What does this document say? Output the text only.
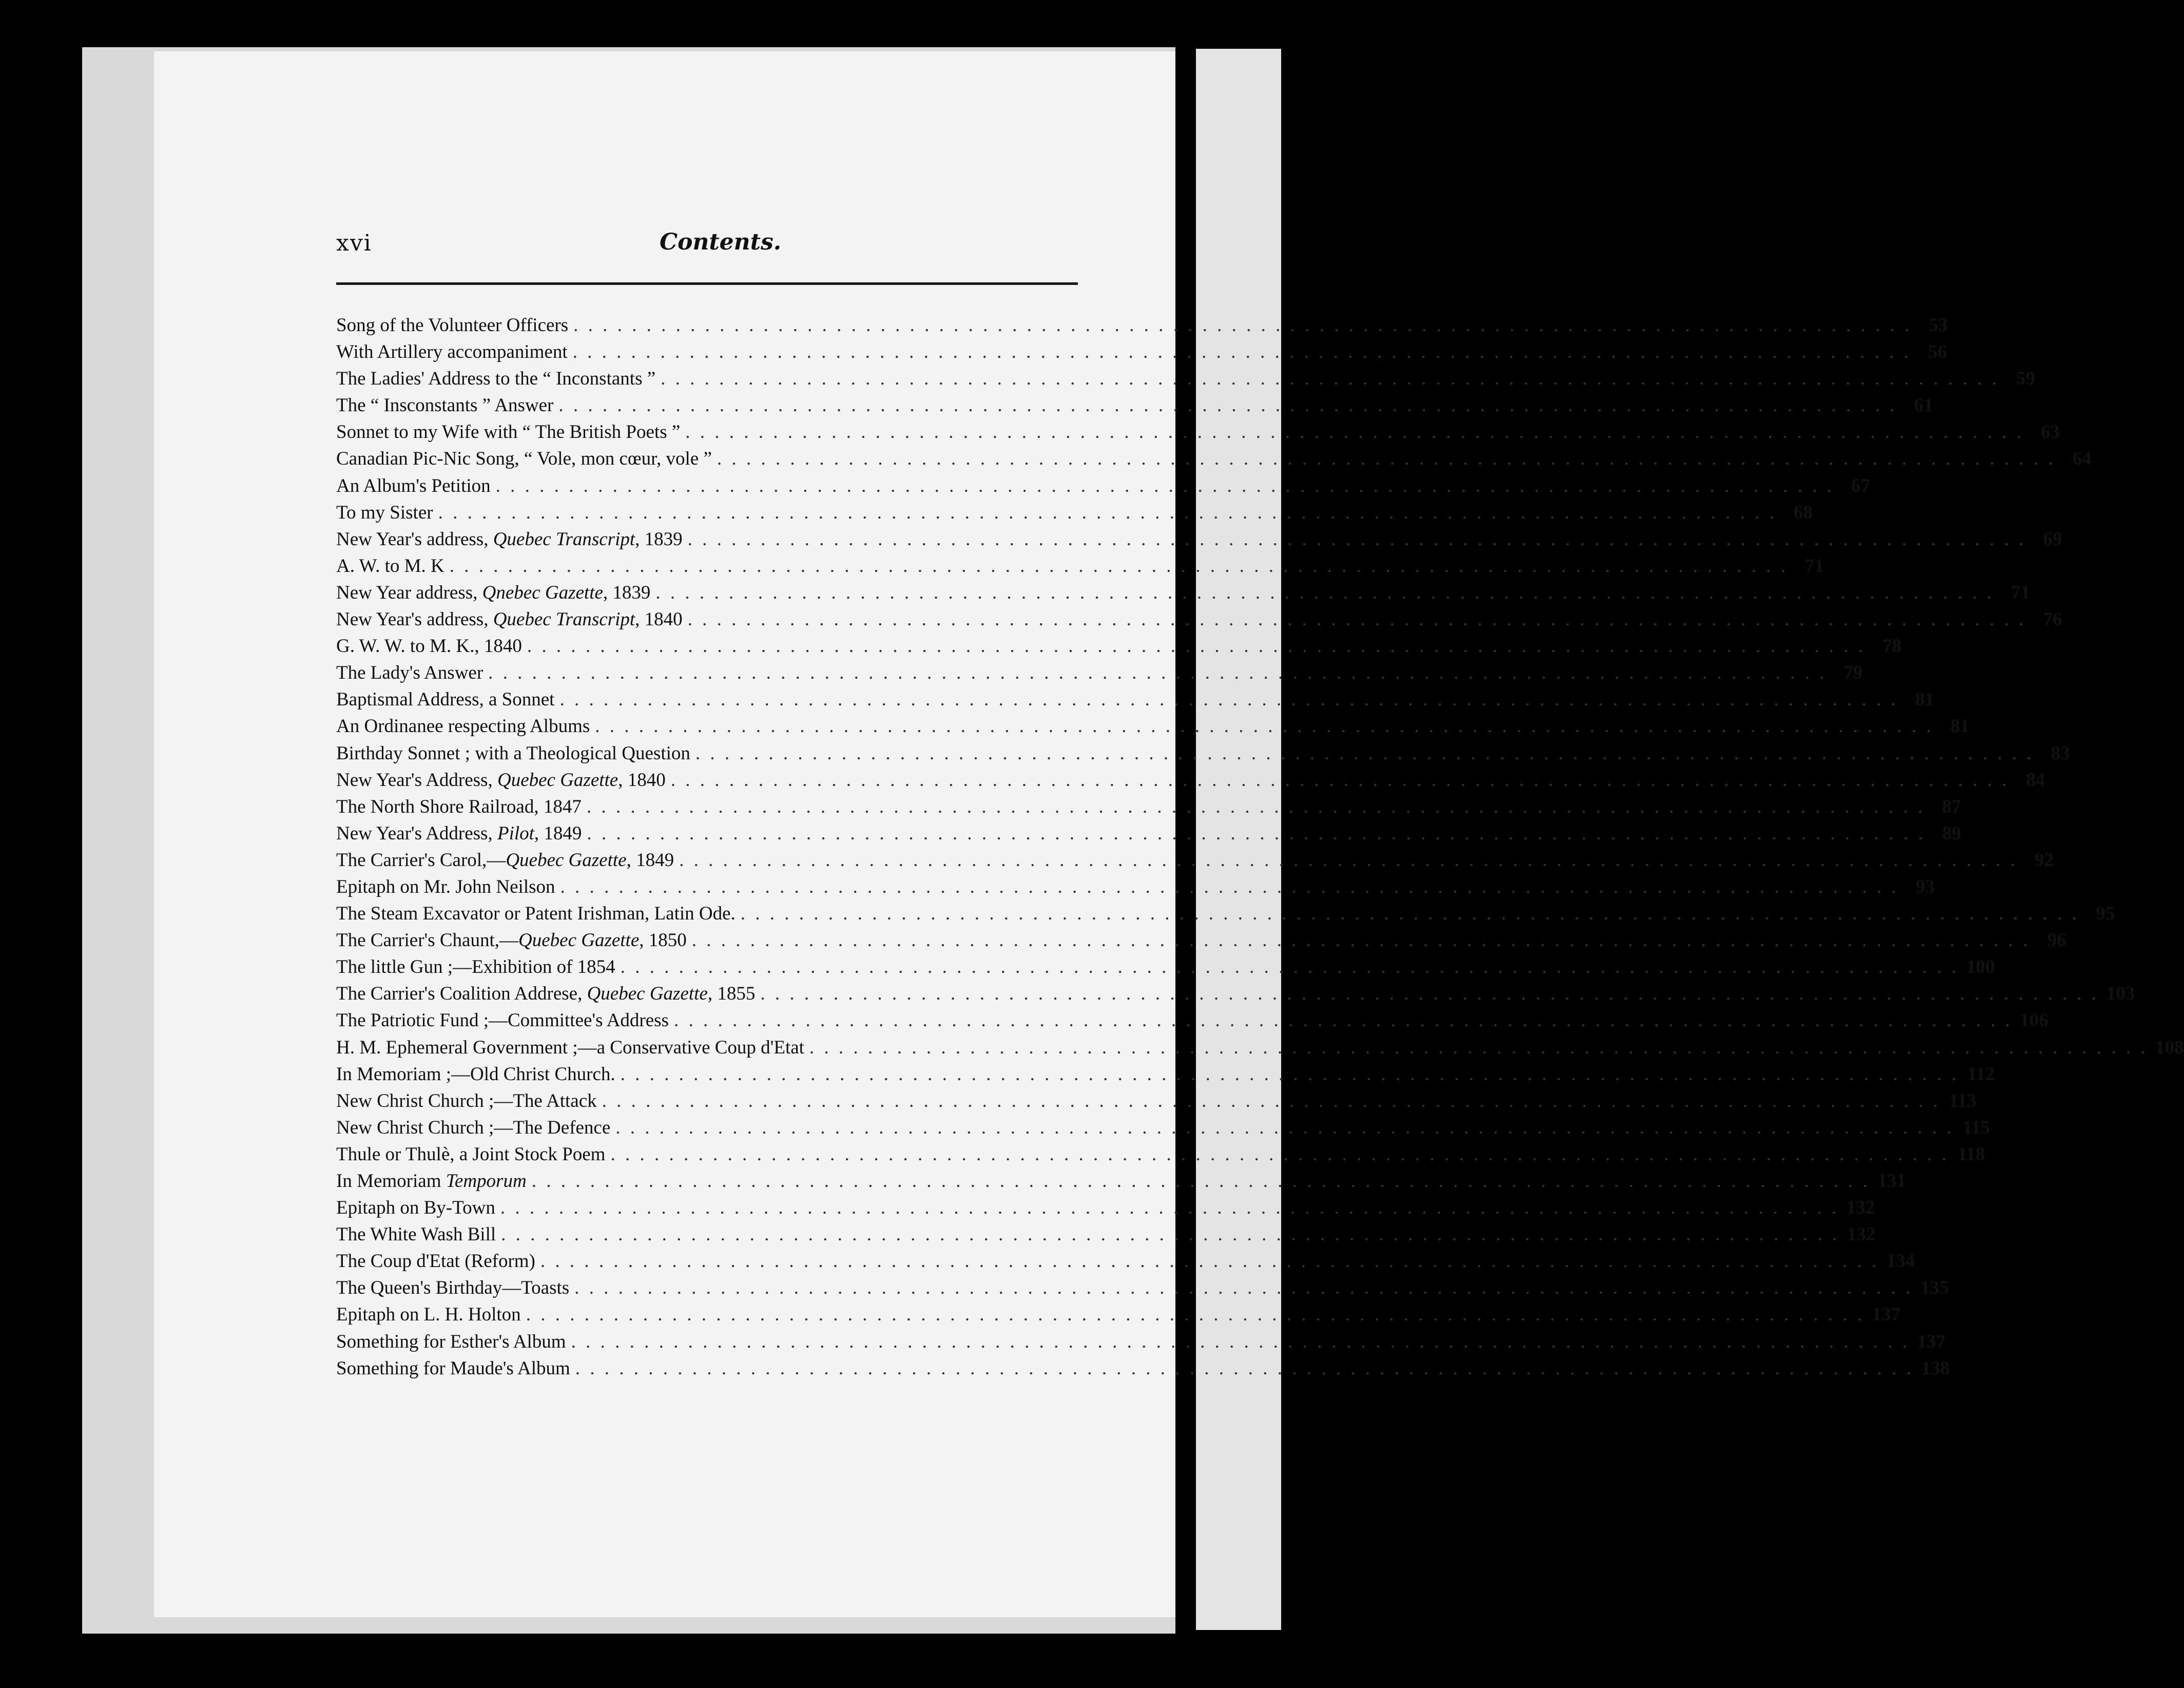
xvi	Contents.
Song of the Volunteer Officers . . . . . . . . . . . . . . . . . . . . . . . . . . . . . . . . . . . . . . . . . . . . . . . . . . . . . . . . . . . . . . . . . . . . . . . . . . . . . . . . . . . . . . . . . . . . 53
With Artillery accompaniment . . . . . . . . . . . . . . . . . . . . . . . . . . . . . . . . . . . . . . . . . . . . . . . . . . . . . . . . . . . . . . . . . . . . . . . . . . . . . . . . . . . . . . . . . . . . 56
The Ladies' Address to the “ Inconstants ” . . . . . . . . . . . . . . . . . . . . . . . . . . . . . . . . . . . . . . . . . . . . . . . . . . . . . . . . . . . . . . . . . . . . . . . . . . . . . . . . . . . . . . . . . . . . 59
The “ Insconstants ” Answer . . . . . . . . . . . . . . . . . . . . . . . . . . . . . . . . . . . . . . . . . . . . . . . . . . . . . . . . . . . . . . . . . . . . . . . . . . . . . . . . . . . . . . . . . . . . 61
Sonnet to my Wife with “ The British Poets ” . . . . . . . . . . . . . . . . . . . . . . . . . . . . . . . . . . . . . . . . . . . . . . . . . . . . . . . . . . . . . . . . . . . . . . . . . . . . . . . . . . . . . . . . . . . . 63
Canadian Pic-Nic Song, “ Vole, mon cœur, vole ” . . . . . . . . . . . . . . . . . . . . . . . . . . . . . . . . . . . . . . . . . . . . . . . . . . . . . . . . . . . . . . . . . . . . . . . . . . . . . . . . . . . . . . . . . . . . 64
An Album's Petition . . . . . . . . . . . . . . . . . . . . . . . . . . . . . . . . . . . . . . . . . . . . . . . . . . . . . . . . . . . . . . . . . . . . . . . . . . . . . . . . . . . . . . . . . . . . 67
To my Sister . . . . . . . . . . . . . . . . . . . . . . . . . . . . . . . . . . . . . . . . . . . . . . . . . . . . . . . . . . . . . . . . . . . . . . . . . . . . . . . . . . . . . . . . . . . . 68
New Year's address, Quebec Transcript, 1839 . . . . . . . . . . . . . . . . . . . . . . . . . . . . . . . . . . . . . . . . . . . . . . . . . . . . . . . . . . . . . . . . . . . . . . . . . . . . . . . . . . . . . . . . . . . . 69
A. W. to M. K . . . . . . . . . . . . . . . . . . . . . . . . . . . . . . . . . . . . . . . . . . . . . . . . . . . . . . . . . . . . . . . . . . . . . . . . . . . . . . . . . . . . . . . . . . . . 71
New Year address, Qnebec Gazette, 1839 . . . . . . . . . . . . . . . . . . . . . . . . . . . . . . . . . . . . . . . . . . . . . . . . . . . . . . . . . . . . . . . . . . . . . . . . . . . . . . . . . . . . . . . . . . . . 71
New Year's address, Quebec Transcript, 1840 . . . . . . . . . . . . . . . . . . . . . . . . . . . . . . . . . . . . . . . . . . . . . . . . . . . . . . . . . . . . . . . . . . . . . . . . . . . . . . . . . . . . . . . . . . . . 76
G. W. W. to M. K., 1840 . . . . . . . . . . . . . . . . . . . . . . . . . . . . . . . . . . . . . . . . . . . . . . . . . . . . . . . . . . . . . . . . . . . . . . . . . . . . . . . . . . . . . . . . . . . . 78
The Lady's Answer . . . . . . . . . . . . . . . . . . . . . . . . . . . . . . . . . . . . . . . . . . . . . . . . . . . . . . . . . . . . . . . . . . . . . . . . . . . . . . . . . . . . . . . . . . . . 79
Baptismal Address, a Sonnet . . . . . . . . . . . . . . . . . . . . . . . . . . . . . . . . . . . . . . . . . . . . . . . . . . . . . . . . . . . . . . . . . . . . . . . . . . . . . . . . . . . . . . . . . . . . 81
An Ordinanee respecting Albums . . . . . . . . . . . . . . . . . . . . . . . . . . . . . . . . . . . . . . . . . . . . . . . . . . . . . . . . . . . . . . . . . . . . . . . . . . . . . . . . . . . . . . . . . . . . 81
Birthday Sonnet ; with a Theological Question . . . . . . . . . . . . . . . . . . . . . . . . . . . . . . . . . . . . . . . . . . . . . . . . . . . . . . . . . . . . . . . . . . . . . . . . . . . . . . . . . . . . . . . . . . . . 83
New Year's Address, Quebec Gazette, 1840 . . . . . . . . . . . . . . . . . . . . . . . . . . . . . . . . . . . . . . . . . . . . . . . . . . . . . . . . . . . . . . . . . . . . . . . . . . . . . . . . . . . . . . . . . . . . 84
The North Shore Railroad, 1847 . . . . . . . . . . . . . . . . . . . . . . . . . . . . . . . . . . . . . . . . . . . . . . . . . . . . . . . . . . . . . . . . . . . . . . . . . . . . . . . . . . . . . . . . . . . . 87
New Year's Address, Pilot, 1849 . . . . . . . . . . . . . . . . . . . . . . . . . . . . . . . . . . . . . . . . . . . . . . . . . . . . . . . . . . . . . . . . . . . . . . . . . . . . . . . . . . . . . . . . . . . . 89
The Carrier's Carol,—Quebec Gazette, 1849 . . . . . . . . . . . . . . . . . . . . . . . . . . . . . . . . . . . . . . . . . . . . . . . . . . . . . . . . . . . . . . . . . . . . . . . . . . . . . . . . . . . . . . . . . . . . 92
Epitaph on Mr. John Neilson . . . . . . . . . . . . . . . . . . . . . . . . . . . . . . . . . . . . . . . . . . . . . . . . . . . . . . . . . . . . . . . . . . . . . . . . . . . . . . . . . . . . . . . . . . . . 93
The Steam Excavator or Patent Irishman, Latin Ode. . . . . . . . . . . . . . . . . . . . . . . . . . . . . . . . . . . . . . . . . . . . . . . . . . . . . . . . . . . . . . . . . . . . . . . . . . . . . . . . . . . . . . . . . . . . . 95
The Carrier's Chaunt,—Quebec Gazette, 1850 . . . . . . . . . . . . . . . . . . . . . . . . . . . . . . . . . . . . . . . . . . . . . . . . . . . . . . . . . . . . . . . . . . . . . . . . . . . . . . . . . . . . . . . . . . . . 96
The little Gun ;—Exhibition of 1854 . . . . . . . . . . . . . . . . . . . . . . . . . . . . . . . . . . . . . . . . . . . . . . . . . . . . . . . . . . . . . . . . . . . . . . . . . . . . . . . . . . . . . . . . . . . . 100
The Carrier's Coalition Addrese, Quebec Gazette, 1855 . . . . . . . . . . . . . . . . . . . . . . . . . . . . . . . . . . . . . . . . . . . . . . . . . . . . . . . . . . . . . . . . . . . . . . . . . . . . . . . . . . . . . . . . . . . . 103
The Patriotic Fund ;—Committee's Address . . . . . . . . . . . . . . . . . . . . . . . . . . . . . . . . . . . . . . . . . . . . . . . . . . . . . . . . . . . . . . . . . . . . . . . . . . . . . . . . . . . . . . . . . . . . 106
H. M. Ephemeral Government ;—a Conservative Coup d'Etat . . . . . . . . . . . . . . . . . . . . . . . . . . . . . . . . . . . . . . . . . . . . . . . . . . . . . . . . . . . . . . . . . . . . . . . . . . . . . . . . . . . . . . . . . . . . 108
In Memoriam ;—Old Christ Church. . . . . . . . . . . . . . . . . . . . . . . . . . . . . . . . . . . . . . . . . . . . . . . . . . . . . . . . . . . . . . . . . . . . . . . . . . . . . . . . . . . . . . . . . . . . . 112
New Christ Church ;—The Attack . . . . . . . . . . . . . . . . . . . . . . . . . . . . . . . . . . . . . . . . . . . . . . . . . . . . . . . . . . . . . . . . . . . . . . . . . . . . . . . . . . . . . . . . . . . . 113
New Christ Church ;—The Defence . . . . . . . . . . . . . . . . . . . . . . . . . . . . . . . . . . . . . . . . . . . . . . . . . . . . . . . . . . . . . . . . . . . . . . . . . . . . . . . . . . . . . . . . . . . . 115
Thule or Thulè, a Joint Stock Poem . . . . . . . . . . . . . . . . . . . . . . . . . . . . . . . . . . . . . . . . . . . . . . . . . . . . . . . . . . . . . . . . . . . . . . . . . . . . . . . . . . . . . . . . . . . . 118
In Memoriam Temporum . . . . . . . . . . . . . . . . . . . . . . . . . . . . . . . . . . . . . . . . . . . . . . . . . . . . . . . . . . . . . . . . . . . . . . . . . . . . . . . . . . . . . . . . . . . . 131
Epitaph on By-Town . . . . . . . . . . . . . . . . . . . . . . . . . . . . . . . . . . . . . . . . . . . . . . . . . . . . . . . . . . . . . . . . . . . . . . . . . . . . . . . . . . . . . . . . . . . . 132
The White Wash Bill . . . . . . . . . . . . . . . . . . . . . . . . . . . . . . . . . . . . . . . . . . . . . . . . . . . . . . . . . . . . . . . . . . . . . . . . . . . . . . . . . . . . . . . . . . . . 132
The Coup d'Etat (Reform) . . . . . . . . . . . . . . . . . . . . . . . . . . . . . . . . . . . . . . . . . . . . . . . . . . . . . . . . . . . . . . . . . . . . . . . . . . . . . . . . . . . . . . . . . . . . 134
The Queen's Birthday—Toasts . . . . . . . . . . . . . . . . . . . . . . . . . . . . . . . . . . . . . . . . . . . . . . . . . . . . . . . . . . . . . . . . . . . . . . . . . . . . . . . . . . . . . . . . . . . . 135
Epitaph on L. H. Holton . . . . . . . . . . . . . . . . . . . . . . . . . . . . . . . . . . . . . . . . . . . . . . . . . . . . . . . . . . . . . . . . . . . . . . . . . . . . . . . . . . . . . . . . . . . . 137
Something for Esther's Album . . . . . . . . . . . . . . . . . . . . . . . . . . . . . . . . . . . . . . . . . . . . . . . . . . . . . . . . . . . . . . . . . . . . . . . . . . . . . . . . . . . . . . . . . . . . 137
Something for Maude's Album . . . . . . . . . . . . . . . . . . . . . . . . . . . . . . . . . . . . . . . . . . . . . . . . . . . . . . . . . . . . . . . . . . . . . . . . . . . . . . . . . . . . . . . . . . . . 138
